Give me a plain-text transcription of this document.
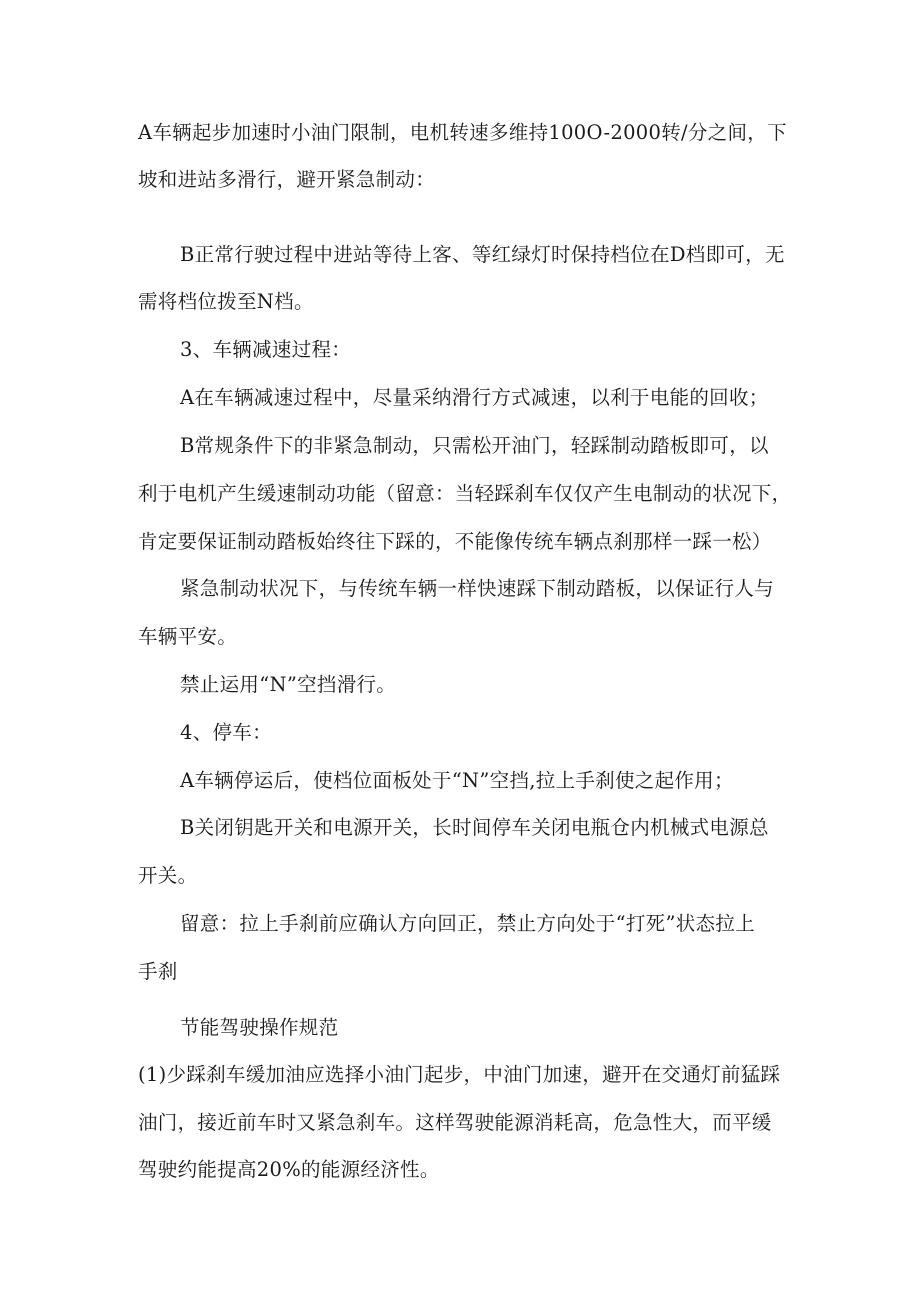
A车辆起步加速时小油门限制，电机转速多维持100O-2000转/分之间，下
坡和进站多滑行，避开紧急制动：
B正常行驶过程中进站等待上客、等红绿灯时保持档位在D档即可，无
需将档位拨至N档。
3、车辆减速过程：
A在车辆减速过程中，尽量采纳滑行方式减速，以利于电能的回收；
B常规条件下的非紧急制动，只需松开油门，轻踩制动踏板即可，以
利于电机产生缓速制动功能（留意：当轻踩刹车仅仅产生电制动的状况下，
肯定要保证制动踏板始终往下踩的，不能像传统车辆点刹那样一踩一松）
紧急制动状况下，与传统车辆一样快速踩下制动踏板，以保证行人与
车辆平安。
禁止运用“N”空挡滑行。
4、停车：
A车辆停运后，使档位面板处于“N”空挡,拉上手刹使之起作用；
B关闭钥匙开关和电源开关，长时间停车关闭电瓶仓内机械式电源总
开关。
留意：拉上手刹前应确认方向回正，禁止方向处于“打死”状态拉上
手刹
节能驾驶操作规范
(1)少踩刹车缓加油应选择小油门起步，中油门加速，避开在交通灯前猛踩
油门，接近前车时又紧急刹车。这样驾驶能源消耗高，危急性大，而平缓
驾驶约能提高20%的能源经济性。
